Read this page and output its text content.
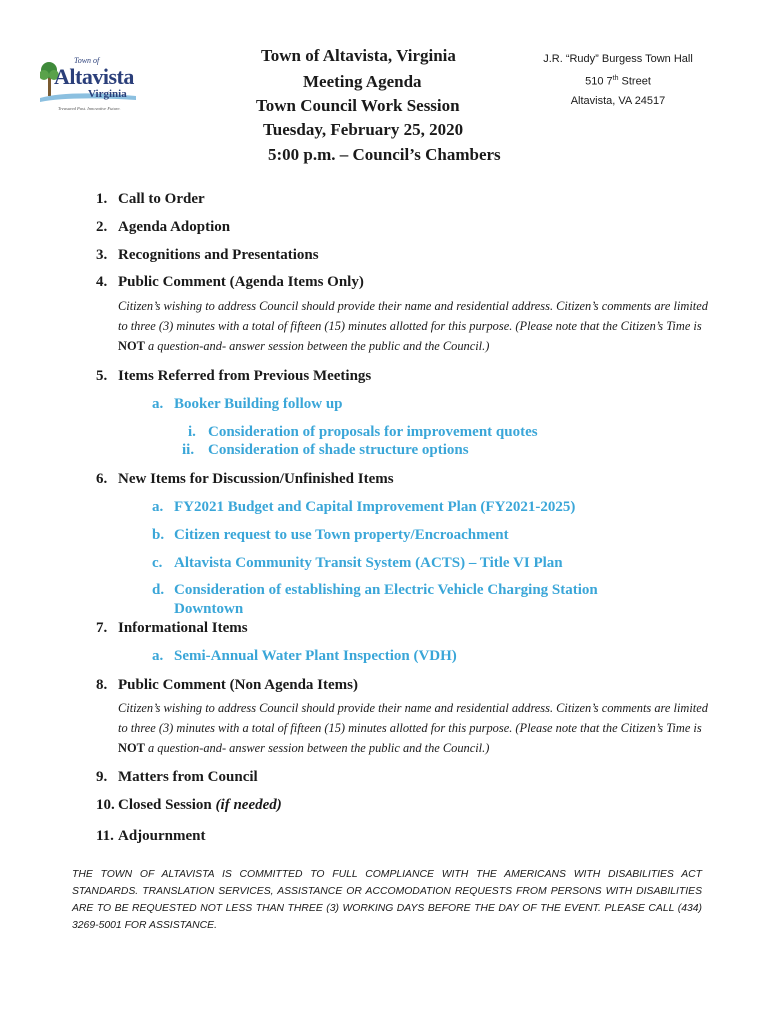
Town of
Altavista
Virginia
Treasured Past. Innovative Future.
Town of Altavista, Virginia
Meeting Agenda
Town Council Work Session
Tuesday, February 25, 2020
5:00 p.m. – Council’s Chambers
J.R. “Rudy” Burgess Town Hall
510 7th Street
Altavista, VA 24517
1. Call to Order
2. Agenda Adoption
3. Recognitions and Presentations
4. Public Comment (Agenda Items Only)
Citizen’s wishing to address Council should provide their name and residential address. Citizen’s comments are limited to three (3) minutes with a total of fifteen (15) minutes allotted for this purpose. (Please note that the Citizen’s Time is NOT a question-and- answer session between the public and the Council.)
5. Items Referred from Previous Meetings
a. Booker Building follow up
i. Consideration of proposals for improvement quotes
ii. Consideration of shade structure options
6. New Items for Discussion/Unfinished Items
a. FY2021 Budget and Capital Improvement Plan (FY2021-2025)
b. Citizen request to use Town property/Encroachment
c. Altavista Community Transit System (ACTS) – Title VI Plan
d. Consideration of establishing an Electric Vehicle Charging Station
Downtown
7. Informational Items
a. Semi-Annual Water Plant Inspection (VDH)
8. Public Comment (Non Agenda Items)
Citizen’s wishing to address Council should provide their name and residential address. Citizen’s comments are limited to three (3) minutes with a total of fifteen (15) minutes allotted for this purpose. (Please note that the Citizen’s Time is NOT a question-and- answer session between the public and the Council.)
9. Matters from Council
10. Closed Session (if needed)
11. Adjournment
THE TOWN OF ALTAVISTA IS COMMITTED TO FULL COMPLIANCE WITH THE AMERICANS WITH DISABILITIES ACT STANDARDS. TRANSLATION SERVICES, ASSISTANCE OR ACCOMODATION REQUESTS FROM PERSONS WITH DISABILITIES ARE TO BE REQUESTED NOT LESS THAN THREE (3) WORKING DAYS BEFORE THE DAY OF THE EVENT. PLEASE CALL (434) 3269-5001 FOR ASSISTANCE.
